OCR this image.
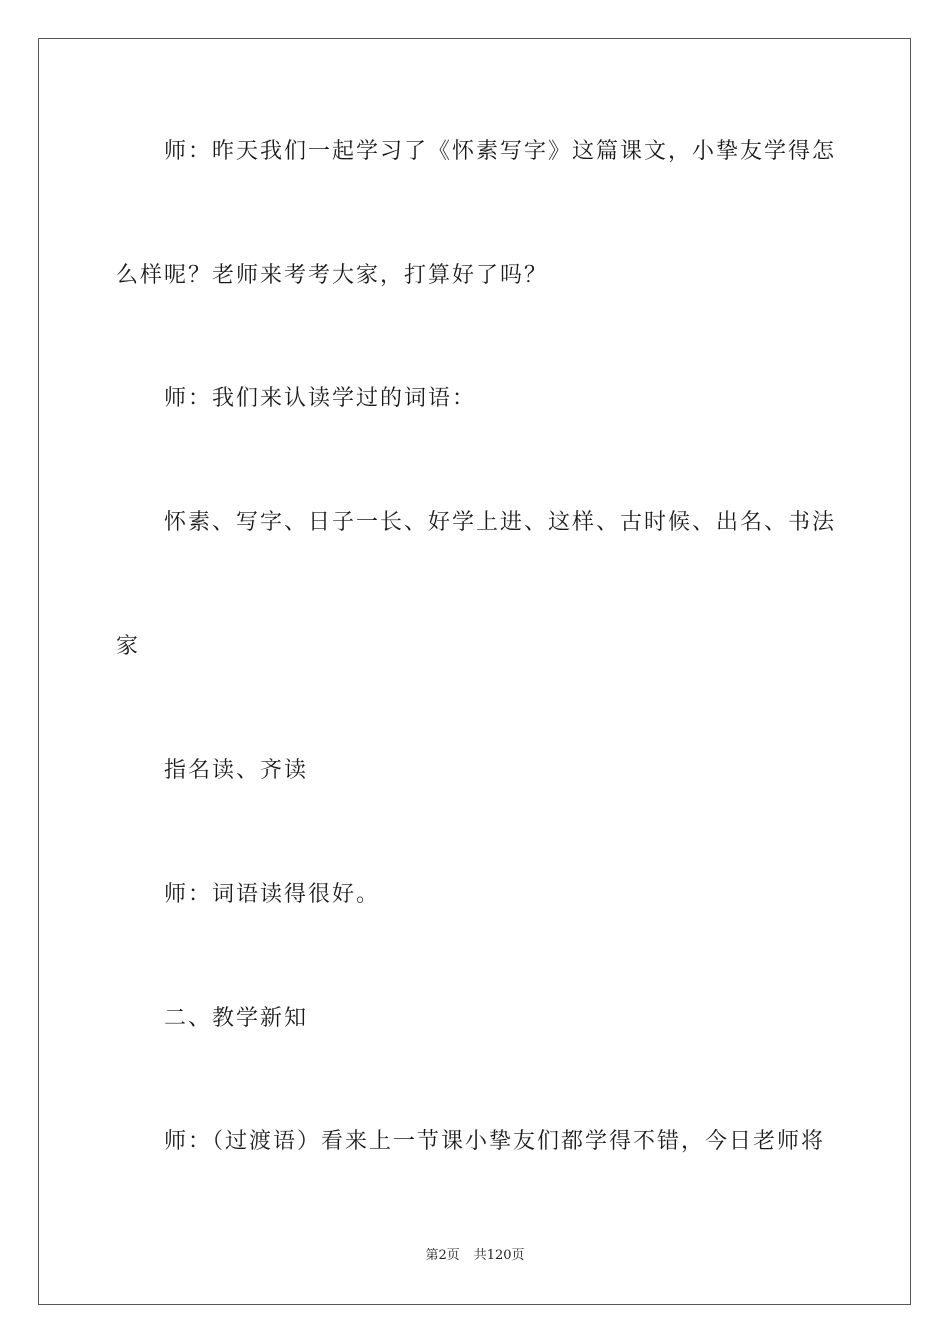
师：昨天我们一起学习了《怀素写字》这篇课文，小挚友学得怎
么样呢？老师来考考大家，打算好了吗？
师：我们来认读学过的词语：
怀素、写字、日子一长、好学上进、这样、古时候、出名、书法
家
指名读、齐读
师：词语读得很好。
二、教学新知
师：（过渡语）看来上一节课小挚友们都学得不错，今日老师将
第2页 共120页
